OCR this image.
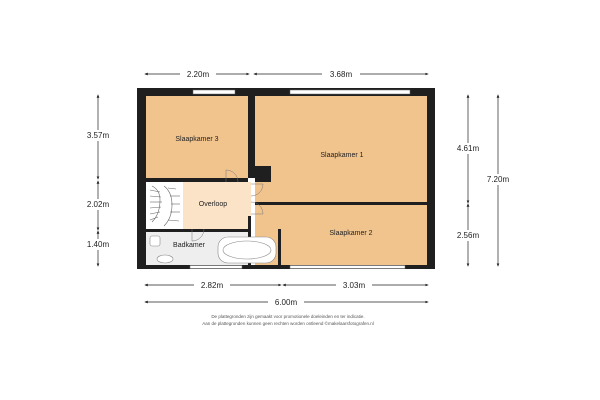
Slaapkamer 3
Slaapkamer 1
Slaapkamer 2
Overloop
Badkamer
2.20m	3.68m
2.82m	3.03m
6.00m
3.57m
2.02m
1.40m
4.61m
2.56m
7.20m
De plattegronden zijn gemaakt voor promotionele doeleinden en ter indicatie.
Aan de plattegronden kunnen geen rechten worden ontleend ©makelaarsfotografen.nl
